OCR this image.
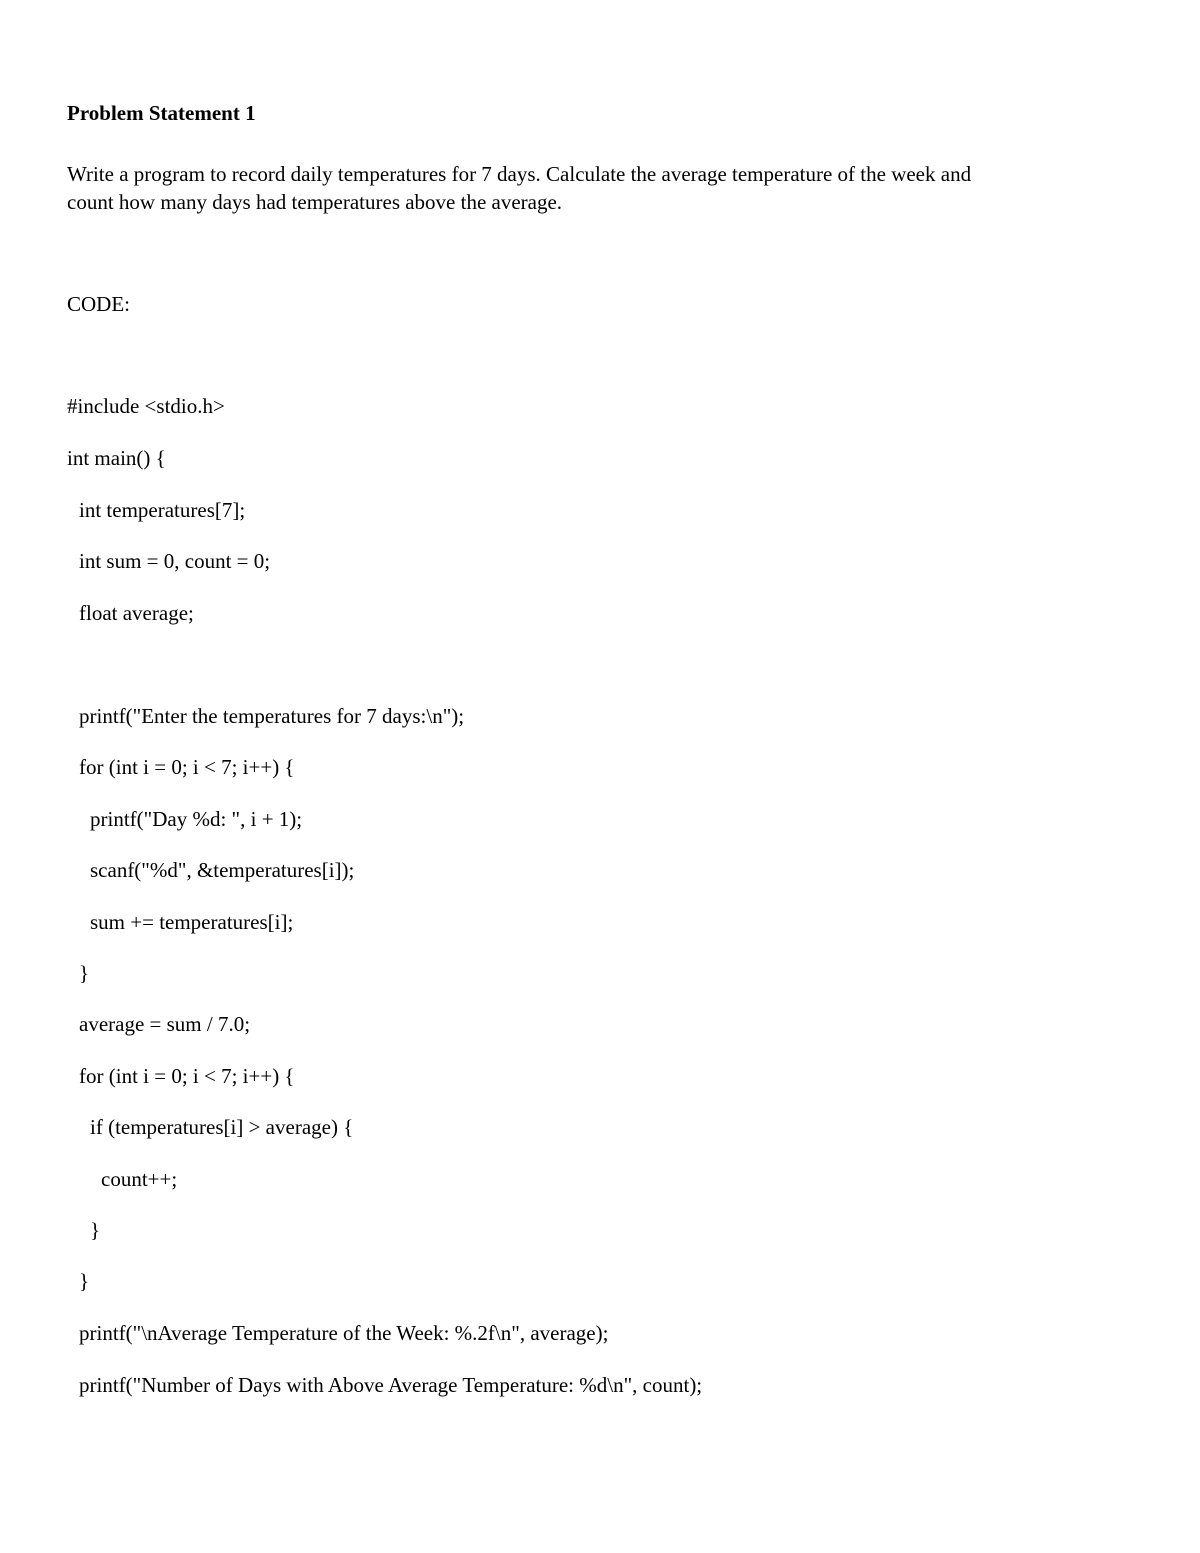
Problem Statement 1

Write a program to record daily temperatures for 7 days. Calculate the average temperature of the week and
count how many days had temperatures above the average.

CODE:

#include <stdio.h>
int main() {
int temperatures[7];
int sum = 0, count = 0;
float average;
printf("Enter the temperatures for 7 days:\n");
for (int i = 0; i < 7; i++) {
printf("Day %d: ", i + 1);
scanf("%d", &temperatures[i]);
sum += temperatures[i];
}
average = sum / 7.0;
for (int i = 0; i < 7; i++) {
if (temperatures[i] > average) {
count++;
}
}
printf("\nAverage Temperature of the Week: %.2f\n", average);
printf("Number of Days with Above Average Temperature: %d\n", count);
